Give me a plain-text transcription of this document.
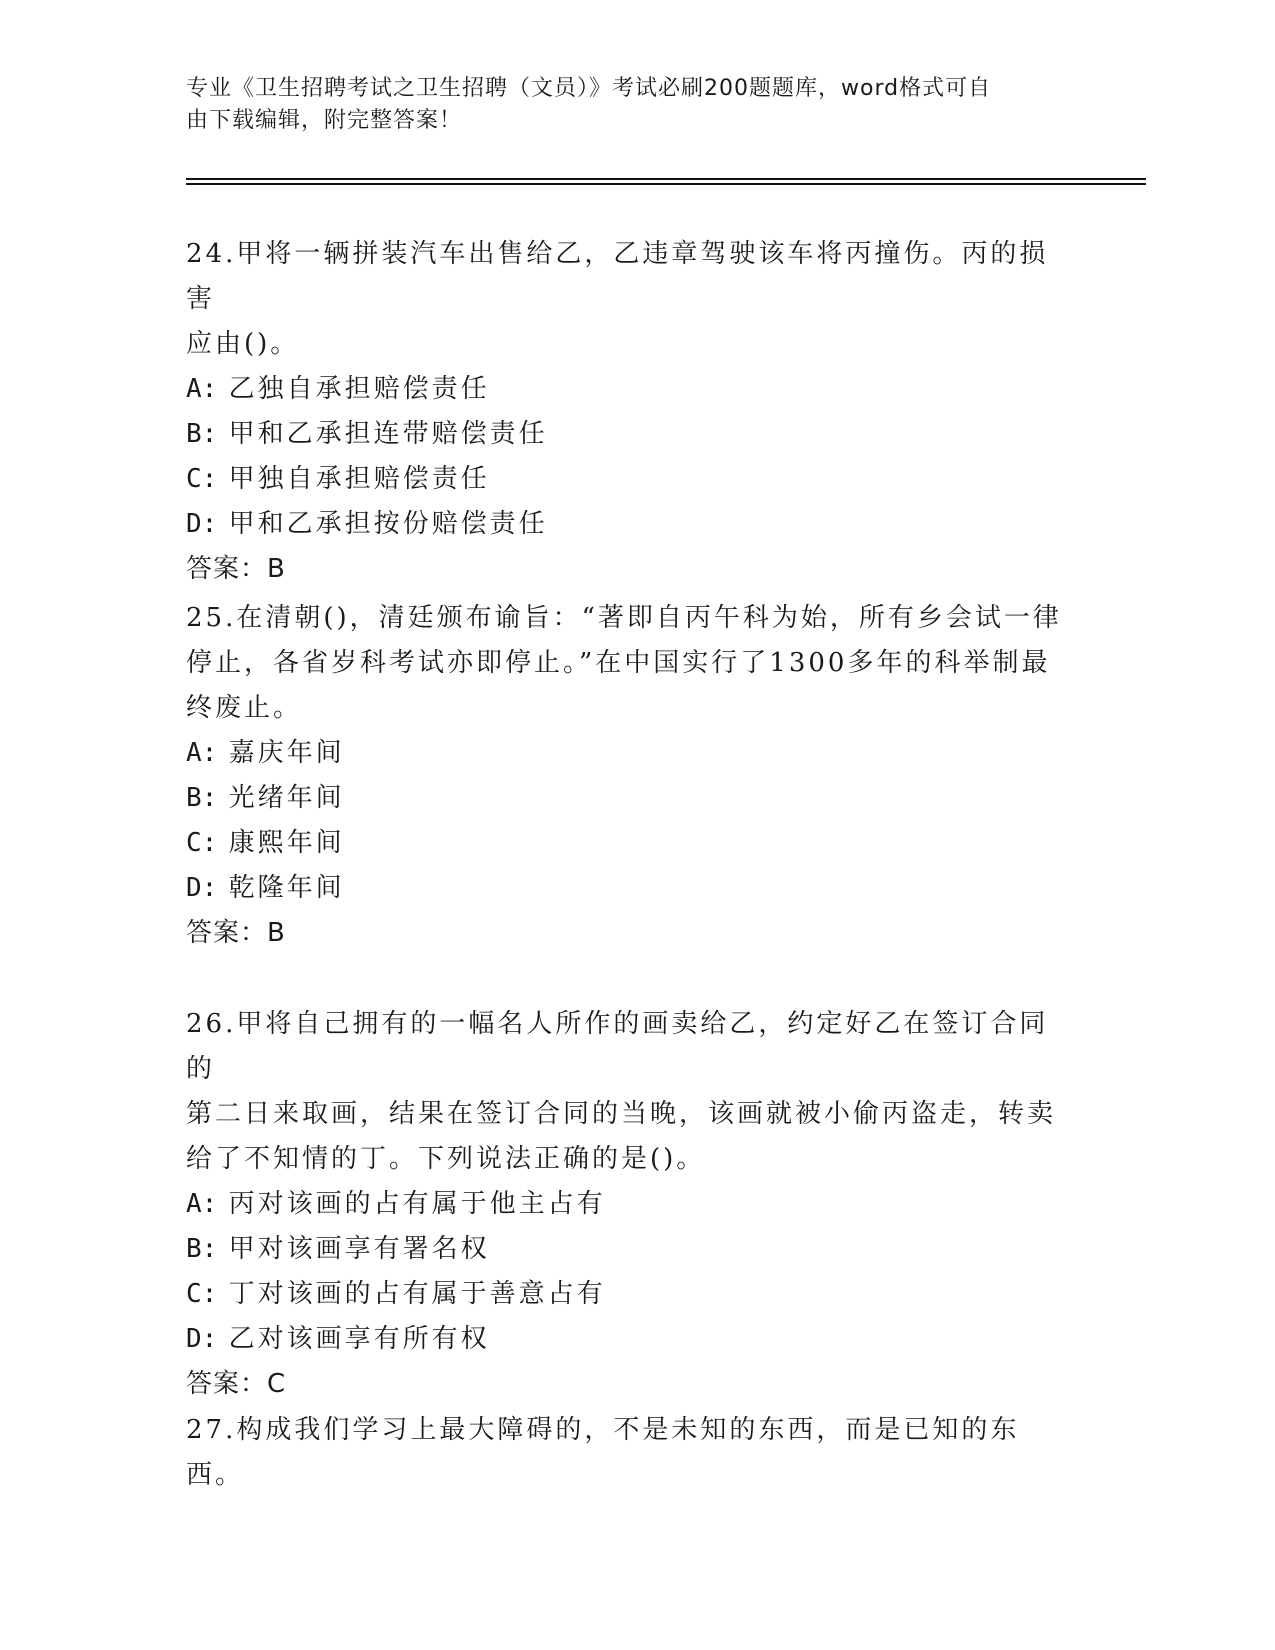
专业《卫生招聘考试之卫生招聘（文员）》考试必刷200题题库，word格式可自
由下载编辑，附完整答案！

24.甲将一辆拼装汽车出售给乙，乙违章驾驶该车将丙撞伤。丙的损害

应由()。

A: 乙独自承担赔偿责任

B: 甲和乙承担连带赔偿责任

C: 甲独自承担赔偿责任

D: 甲和乙承担按份赔偿责任

答案：B

25.在清朝()，清廷颁布谕旨：“著即自丙午科为始，所有乡会试一律

停止，各省岁科考试亦即停止。”在中国实行了1300多年的科举制最

终废止。

A: 嘉庆年间

B: 光绪年间

C: 康熙年间

D: 乾隆年间

答案：B

26.甲将自己拥有的一幅名人所作的画卖给乙，约定好乙在签订合同的

第二日来取画，结果在签订合同的当晚，该画就被小偷丙盗走，转卖

给了不知情的丁。下列说法正确的是()。

A: 丙对该画的占有属于他主占有

B: 甲对该画享有署名权

C: 丁对该画的占有属于善意占有

D: 乙对该画享有所有权

答案：C

27.构成我们学习上最大障碍的，不是未知的东西，而是已知的东西。
